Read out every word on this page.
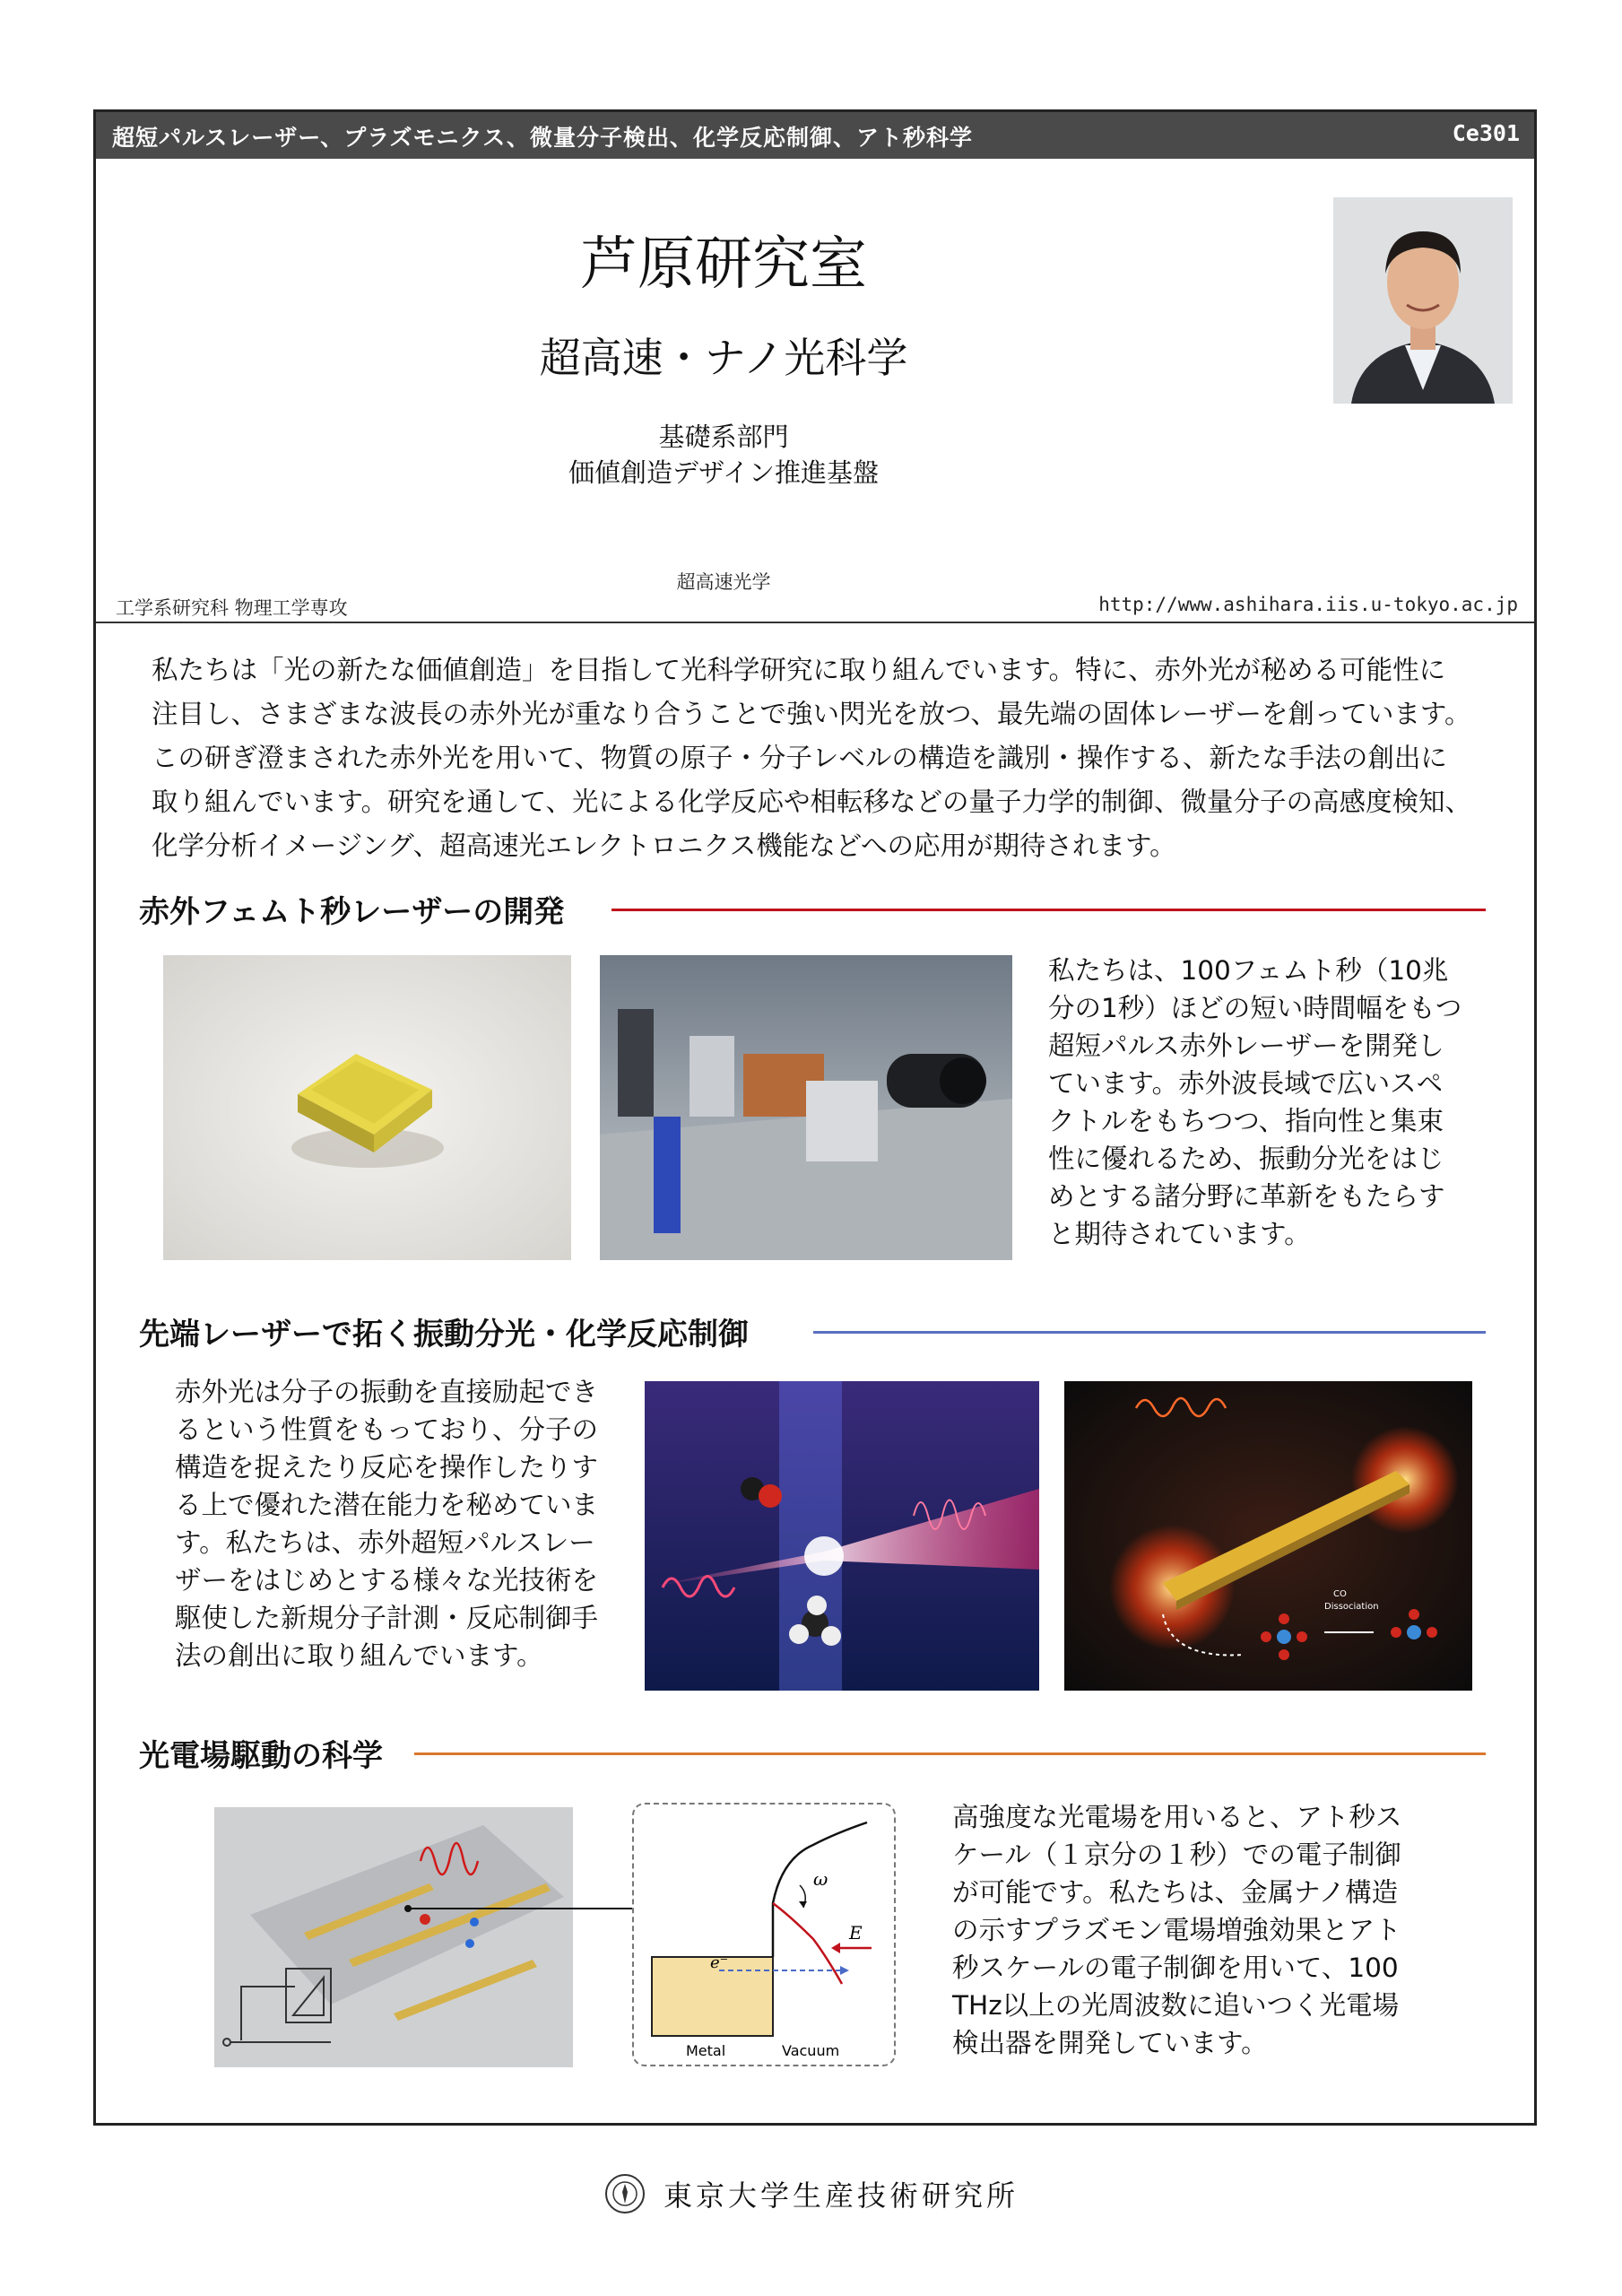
超短パルスレーザー、プラズモニクス、微量分子検出、化学反応制御、アト秒科学	Ce301
芦原研究室
超高速・ナノ光科学
基礎系部門
価値創造デザイン推進基盤
超高速光学
工学系研究科 物理工学専攻	http://www.ashihara.iis.u-tokyo.ac.jp
私たちは「光の新たな価値創造」を目指して光科学研究に取り組んでいます。特に、赤外光が秘める可能性に
注目し、さまざまな波長の赤外光が重なり合うことで強い閃光を放つ、最先端の固体レーザーを創っています。
この研ぎ澄まされた赤外光を用いて、物質の原子・分子レベルの構造を識別・操作する、新たな手法の創出に
取り組んでいます。研究を通して、光による化学反応や相転移などの量子力学的制御、微量分子の高感度検知、
化学分析イメージング、超高速光エレクトロニクス機能などへの応用が期待されます。
赤外フェムト秒レーザーの開発
私たちは、100フェムト秒（10兆
分の1秒）ほどの短い時間幅をもつ
超短パルス赤外レーザーを開発し
ています。赤外波長域で広いスペ
クトルをもちつつ、指向性と集束
性に優れるため、振動分光をはじ
めとする諸分野に革新をもたらす
と期待されています。
先端レーザーで拓く振動分光・化学反応制御
赤外光は分子の振動を直接励起でき
るという性質をもっており、分子の
構造を捉えたり反応を操作したりす
る上で優れた潜在能力を秘めていま
す。私たちは、赤外超短パルスレー
ザーをはじめとする様々な光技術を
駆使した新規分子計測・反応制御手
法の創出に取り組んでいます。
CO
Dissociation
光電場駆動の科学
ω
E
e⁻
Metal	Vacuum
高強度な光電場を用いると、アト秒ス
ケール（１京分の１秒）での電子制御
が可能です。私たちは、金属ナノ構造
の示すプラズモン電場増強効果とアト
秒スケールの電子制御を用いて、100
THz以上の光周波数に追いつく光電場
検出器を開発しています。
東京大学生産技術研究所
